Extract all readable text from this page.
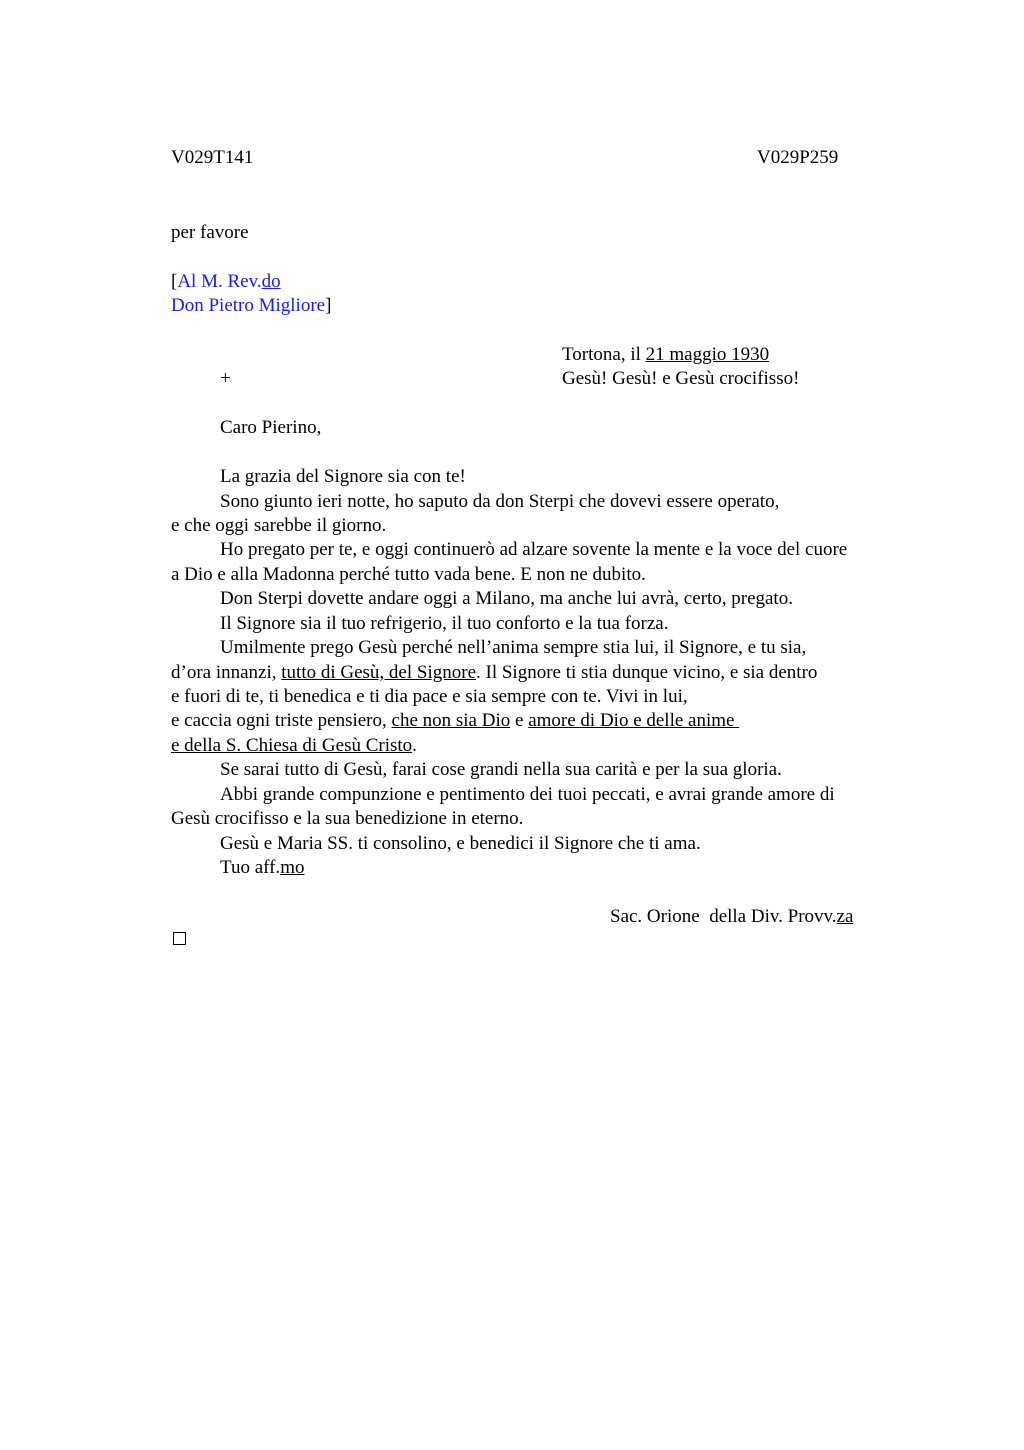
V029T141	V029P259
per favore
[Al M. Rev.do
Don Pietro Migliore]
Tortona, il 21 maggio 1930
+	Gesù! Gesù! e Gesù crocifisso!
Caro Pierino,
La grazia del Signore sia con te!
Sono giunto ieri notte, ho saputo da don Sterpi che dovevi essere operato,
e che oggi sarebbe il giorno.
Ho pregato per te, e oggi continuerò ad alzare sovente la mente e la voce del cuore
a Dio e alla Madonna perché tutto vada bene. E non ne dubito.
Don Sterpi dovette andare oggi a Milano, ma anche lui avrà, certo, pregato.
Il Signore sia il tuo refrigerio, il tuo conforto e la tua forza.
Umilmente prego Gesù perché nell’anima sempre stia lui, il Signore, e tu sia,
d’ora innanzi, tutto di Gesù, del Signore. Il Signore ti stia dunque vicino, e sia dentro
e fuori di te, ti benedica e ti dia pace e sia sempre con te. Vivi in lui,
e caccia ogni triste pensiero, che non sia Dio e amore di Dio e delle anime
e della S. Chiesa di Gesù Cristo.
Se sarai tutto di Gesù, farai cose grandi nella sua carità e per la sua gloria.
Abbi grande compunzione e pentimento dei tuoi peccati, e avrai grande amore di
Gesù crocifisso e la sua benedizione in eterno.
Gesù e Maria SS. ti consolino, e benedici il Signore che ti ama.
Tuo aff.mo
Sac. Orione  della Div. Provv.za
